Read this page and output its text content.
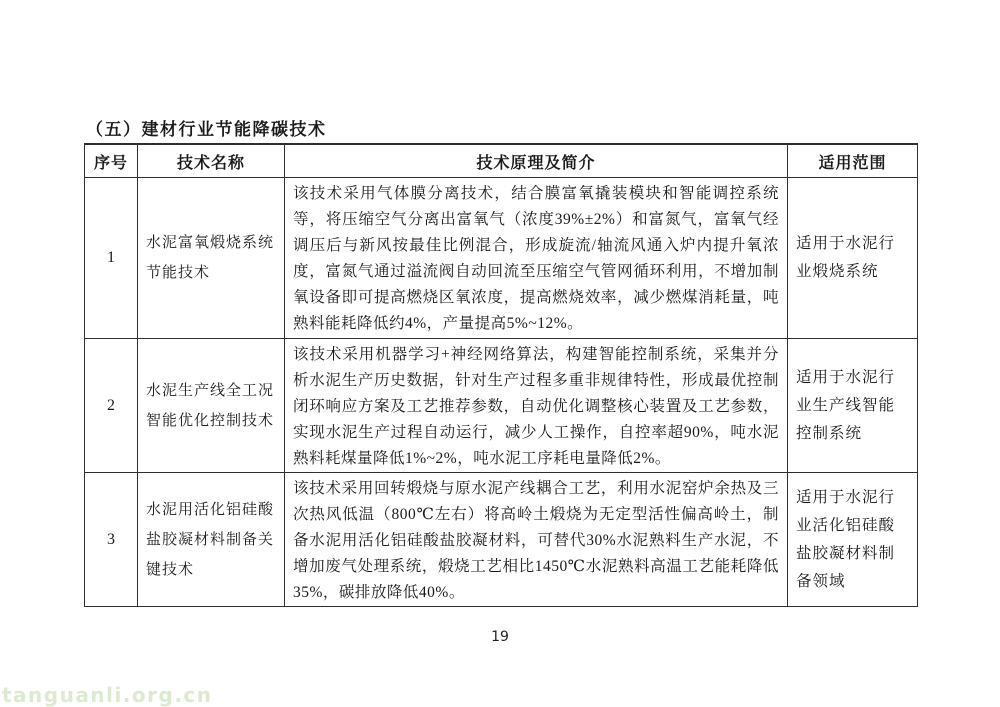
（五）建材行业节能降碳技术
序号	技术名称	技术原理及简介	适用范围
1	水泥富氧煅烧系统节能技术	该技术采用气体膜分离技术，结合膜富氧撬装模块和智能调控系统等，将压缩空气分离出富氧气（浓度39%±2%）和富氮气，富氧气经调压后与新风按最佳比例混合，形成旋流/轴流风通入炉内提升氧浓度，富氮气通过溢流阀自动回流至压缩空气管网循环利用，不增加制氧设备即可提高燃烧区氧浓度，提高燃烧效率，减少燃煤消耗量，吨熟料能耗降低约4%，产量提高5%~12%。	适用于水泥行业煅烧系统
2	水泥生产线全工况智能优化控制技术	该技术采用机器学习+神经网络算法，构建智能控制系统，采集并分析水泥生产历史数据，针对生产过程多重非规律特性，形成最优控制闭环响应方案及工艺推荐参数，自动优化调整核心装置及工艺参数，实现水泥生产过程自动运行，减少人工操作，自控率超90%，吨水泥熟料耗煤量降低1%~2%，吨水泥工序耗电量降低2%。	适用于水泥行业生产线智能控制系统
3	水泥用活化铝硅酸盐胶凝材料制备关键技术	该技术采用回转煅烧与原水泥产线耦合工艺，利用水泥窑炉余热及三次热风低温（800℃左右）将高岭土煅烧为无定型活性偏高岭土，制备水泥用活化铝硅酸盐胶凝材料，可替代30%水泥熟料生产水泥，不增加废气处理系统，煅烧工艺相比1450℃水泥熟料高温工艺能耗降低35%，碳排放降低40%。	适用于水泥行业活化铝硅酸盐胶凝材料制备领域
19
tanguanli.org.cn
